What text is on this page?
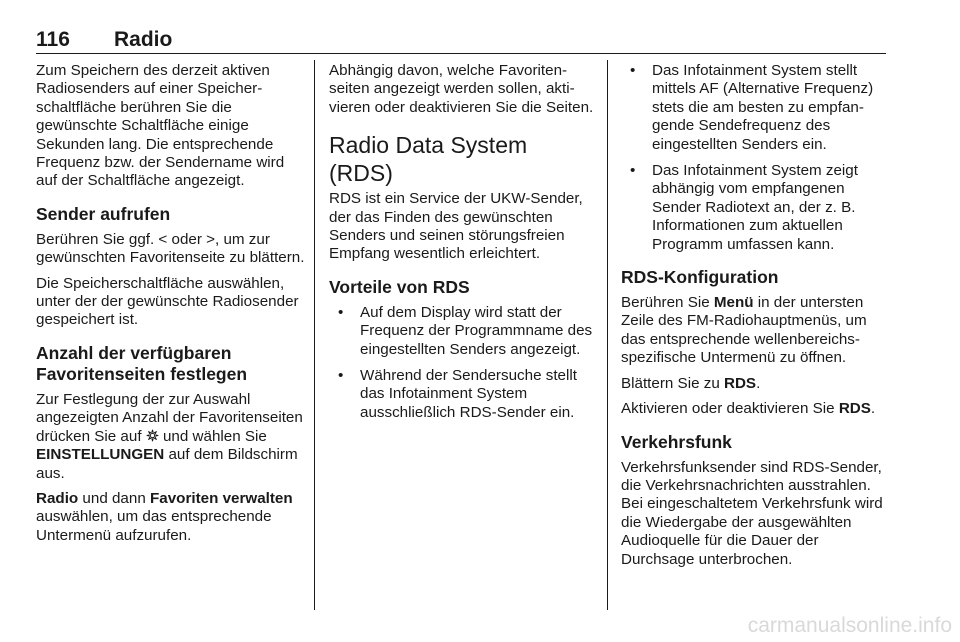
116 Radio

Zum Speichern des derzeit aktiven Radiosenders auf einer Speicherschaltfläche berühren Sie die gewünschte Schaltfläche einige Sekunden lang. Die entsprechende Frequenz bzw. der Sendername wird auf der Schaltfläche angezeigt.

Sender aufrufen

Berühren Sie ggf. < oder >, um zur gewünschten Favoritenseite zu blättern.

Die Speicherschaltfläche auswählen, unter der der gewünschte Radiosender gespeichert ist.

Anzahl der verfügbaren Favoritenseiten festlegen

Zur Festlegung der zur Auswahl angezeigten Anzahl der Favoritenseiten drücken Sie auf  und wählen Sie EINSTELLUNGEN auf dem Bildschirm aus.

Radio und dann Favoriten verwalten auswählen, um das entsprechende Untermenü aufzurufen.

Abhängig davon, welche Favoritenseiten angezeigt werden sollen, aktivieren oder deaktivieren Sie die Seiten.

Radio Data System (RDS)

RDS ist ein Service der UKW-Sender, der das Finden des gewünschten Senders und seinen störungsfreien Empfang wesentlich erleichtert.

Vorteile von RDS
• Auf dem Display wird statt der Frequenz der Programmname des eingestellten Senders angezeigt.
• Während der Sendersuche stellt das Infotainment System ausschließlich RDS-Sender ein.
• Das Infotainment System stellt mittels AF (Alternative Frequenz) stets die am besten zu empfangende Sendefrequenz des eingestellten Senders ein.
• Das Infotainment System zeigt abhängig vom empfangenen Sender Radiotext an, der z. B. Informationen zum aktuellen Programm umfassen kann.
RDS-Konfiguration

Berühren Sie Menü in der untersten Zeile des FM-Radiohauptmenüs, um das entsprechende wellenbereichsspezifische Untermenü zu öffnen.

Blättern Sie zu RDS.

Aktivieren oder deaktivieren Sie RDS.

Verkehrsfunk

Verkehrsfunksender sind RDS-Sender, die Verkehrsnachrichten ausstrahlen. Bei eingeschaltetem Verkehrsfunk wird die Wiedergabe der ausgewählten Audioquelle für die Dauer der Durchsage unterbrochen.

carmanualsonline.info
